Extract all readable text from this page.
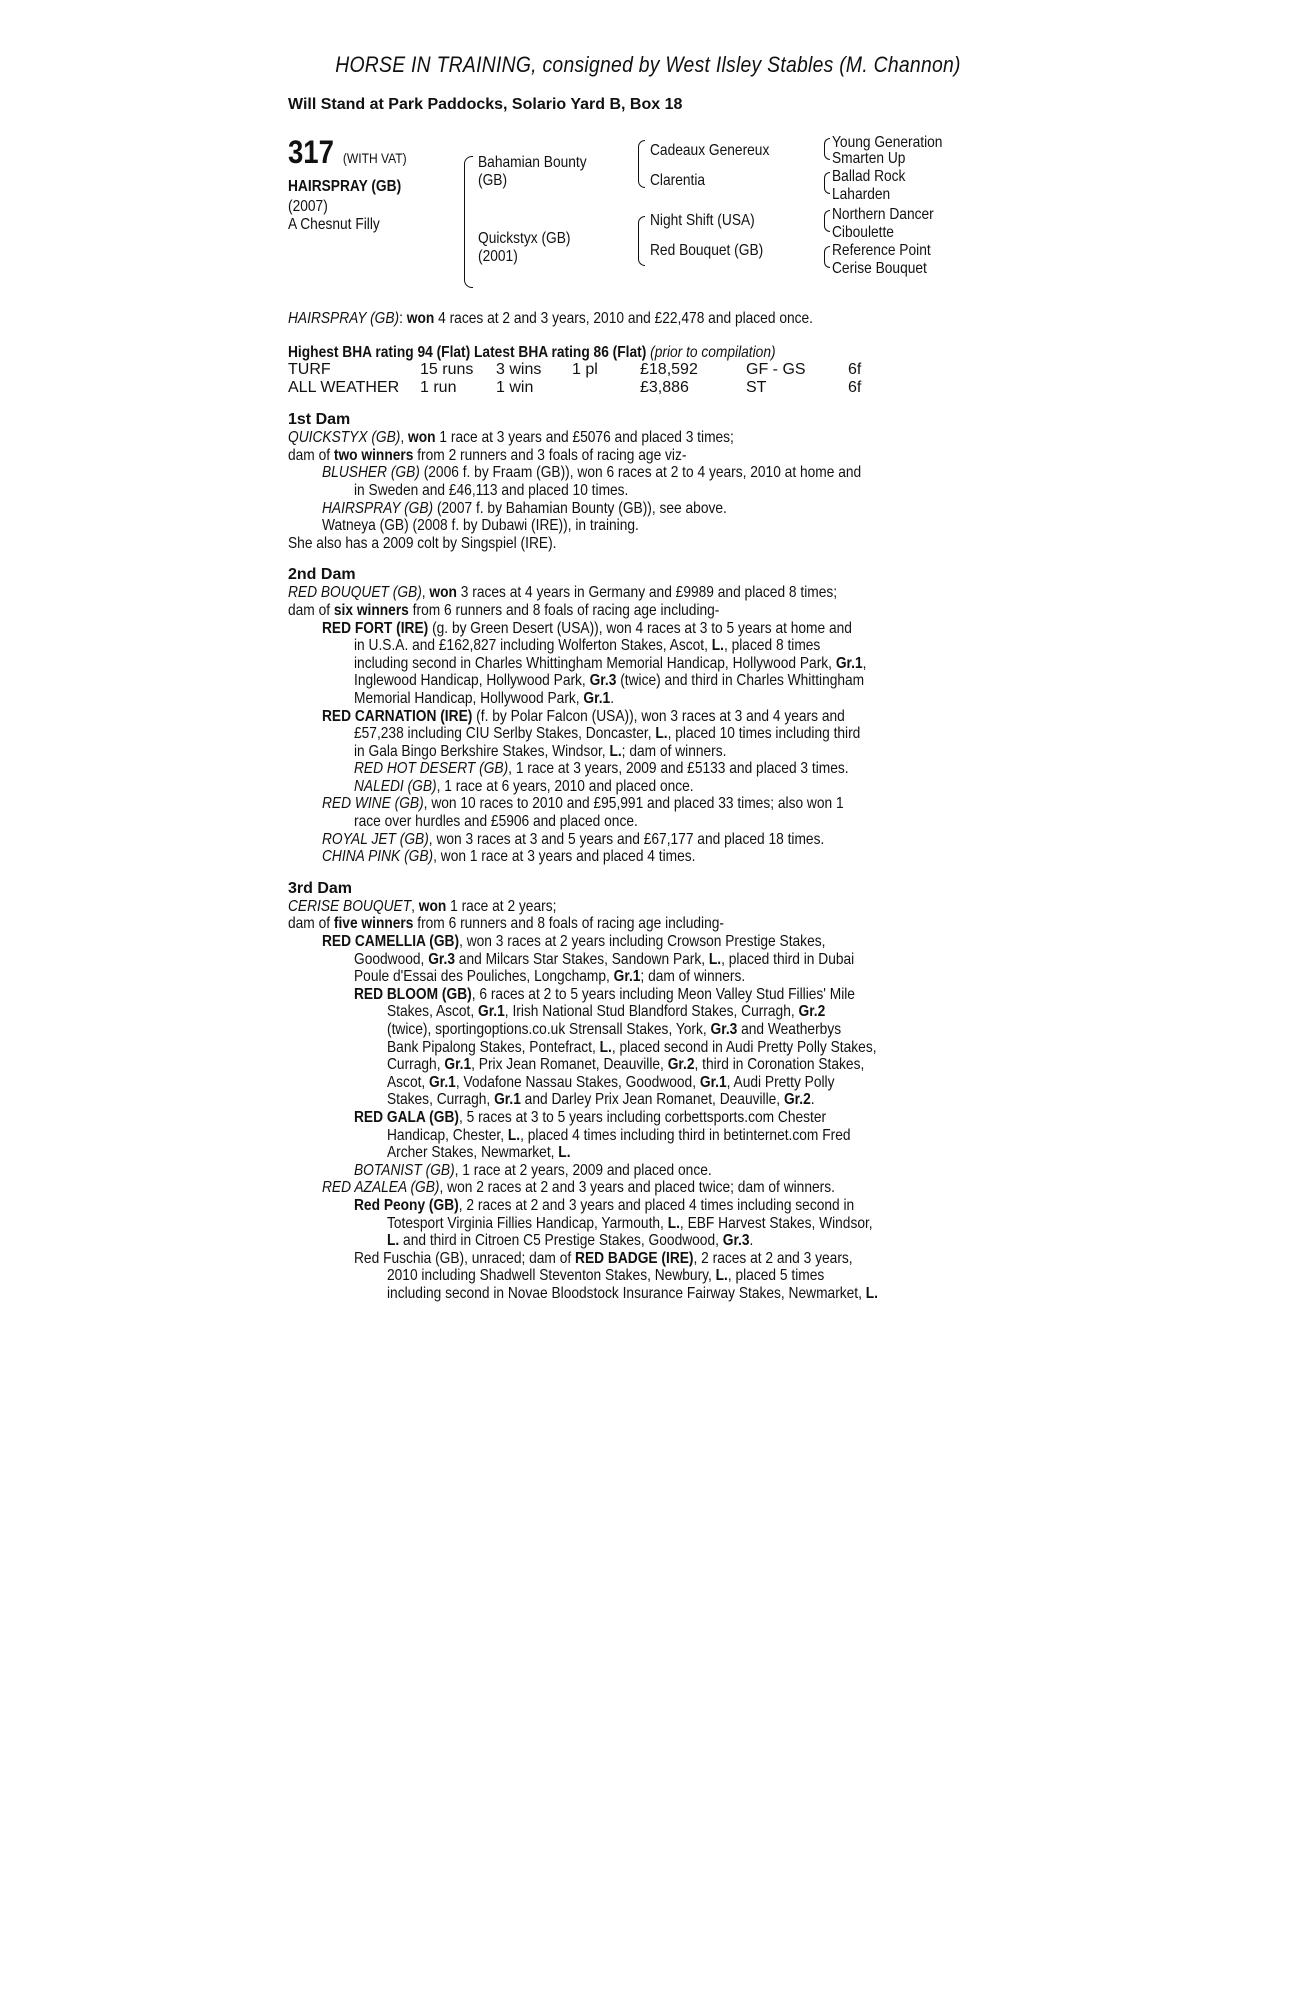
HORSE IN TRAINING, consigned by West Ilsley Stables (M. Channon)
Will Stand at Park Paddocks, Solario Yard B, Box 18
317 (WITH VAT)
HAIRSPRAY (GB)
(2007)
A Chesnut Filly
Bahamian Bounty
(GB)
Quickstyx (GB)
(2001)
Cadeaux Genereux
Clarentia
Night Shift (USA)
Red Bouquet (GB)
Young Generation
Smarten Up
Ballad Rock
Laharden
Northern Dancer
Ciboulette
Reference Point
Cerise Bouquet
HAIRSPRAY (GB): won 4 races at 2 and 3 years, 2010 and £22,478 and placed once.
Highest BHA rating 94 (Flat) Latest BHA rating 86 (Flat) (prior to compilation)
TURF	15 runs 3 wins 1 pl	£18,592	GF - GS	6f
ALL WEATHER 1 run 1 win	£3,886	ST	6f
1st Dam
QUICKSTYX (GB), won 1 race at 3 years and £5076 and placed 3 times;
dam of two winners from 2 runners and 3 foals of racing age viz-
BLUSHER (GB) (2006 f. by Fraam (GB)), won 6 races at 2 to 4 years, 2010 at home and
in Sweden and £46,113 and placed 10 times.
HAIRSPRAY (GB) (2007 f. by Bahamian Bounty (GB)), see above.
Watneya (GB) (2008 f. by Dubawi (IRE)), in training.
She also has a 2009 colt by Singspiel (IRE).
2nd Dam
RED BOUQUET (GB), won 3 races at 4 years in Germany and £9989 and placed 8 times;
dam of six winners from 6 runners and 8 foals of racing age including-
RED FORT (IRE) (g. by Green Desert (USA)), won 4 races at 3 to 5 years at home and
in U.S.A. and £162,827 including Wolferton Stakes, Ascot, L., placed 8 times
including second in Charles Whittingham Memorial Handicap, Hollywood Park, Gr.1,
Inglewood Handicap, Hollywood Park, Gr.3 (twice) and third in Charles Whittingham
Memorial Handicap, Hollywood Park, Gr.1.
RED CARNATION (IRE) (f. by Polar Falcon (USA)), won 3 races at 3 and 4 years and
£57,238 including CIU Serlby Stakes, Doncaster, L., placed 10 times including third
in Gala Bingo Berkshire Stakes, Windsor, L.; dam of winners.
RED HOT DESERT (GB), 1 race at 3 years, 2009 and £5133 and placed 3 times.
NALEDI (GB), 1 race at 6 years, 2010 and placed once.
RED WINE (GB), won 10 races to 2010 and £95,991 and placed 33 times; also won 1
race over hurdles and £5906 and placed once.
ROYAL JET (GB), won 3 races at 3 and 5 years and £67,177 and placed 18 times.
CHINA PINK (GB), won 1 race at 3 years and placed 4 times.
3rd Dam
CERISE BOUQUET, won 1 race at 2 years;
dam of five winners from 6 runners and 8 foals of racing age including-
RED CAMELLIA (GB), won 3 races at 2 years including Crowson Prestige Stakes,
Goodwood, Gr.3 and Milcars Star Stakes, Sandown Park, L., placed third in Dubai
Poule d'Essai des Pouliches, Longchamp, Gr.1; dam of winners.
RED BLOOM (GB), 6 races at 2 to 5 years including Meon Valley Stud Fillies' Mile
Stakes, Ascot, Gr.1, Irish National Stud Blandford Stakes, Curragh, Gr.2
(twice), sportingoptions.co.uk Strensall Stakes, York, Gr.3 and Weatherbys
Bank Pipalong Stakes, Pontefract, L., placed second in Audi Pretty Polly Stakes,
Curragh, Gr.1, Prix Jean Romanet, Deauville, Gr.2, third in Coronation Stakes,
Ascot, Gr.1, Vodafone Nassau Stakes, Goodwood, Gr.1, Audi Pretty Polly
Stakes, Curragh, Gr.1 and Darley Prix Jean Romanet, Deauville, Gr.2.
RED GALA (GB), 5 races at 3 to 5 years including corbettsports.com Chester
Handicap, Chester, L., placed 4 times including third in betinternet.com Fred
Archer Stakes, Newmarket, L.
BOTANIST (GB), 1 race at 2 years, 2009 and placed once.
RED AZALEA (GB), won 2 races at 2 and 3 years and placed twice; dam of winners.
Red Peony (GB), 2 races at 2 and 3 years and placed 4 times including second in
Totesport Virginia Fillies Handicap, Yarmouth, L., EBF Harvest Stakes, Windsor,
L. and third in Citroen C5 Prestige Stakes, Goodwood, Gr.3.
Red Fuschia (GB), unraced; dam of RED BADGE (IRE), 2 races at 2 and 3 years,
2010 including Shadwell Steventon Stakes, Newbury, L., placed 5 times
including second in Novae Bloodstock Insurance Fairway Stakes, Newmarket, L.
